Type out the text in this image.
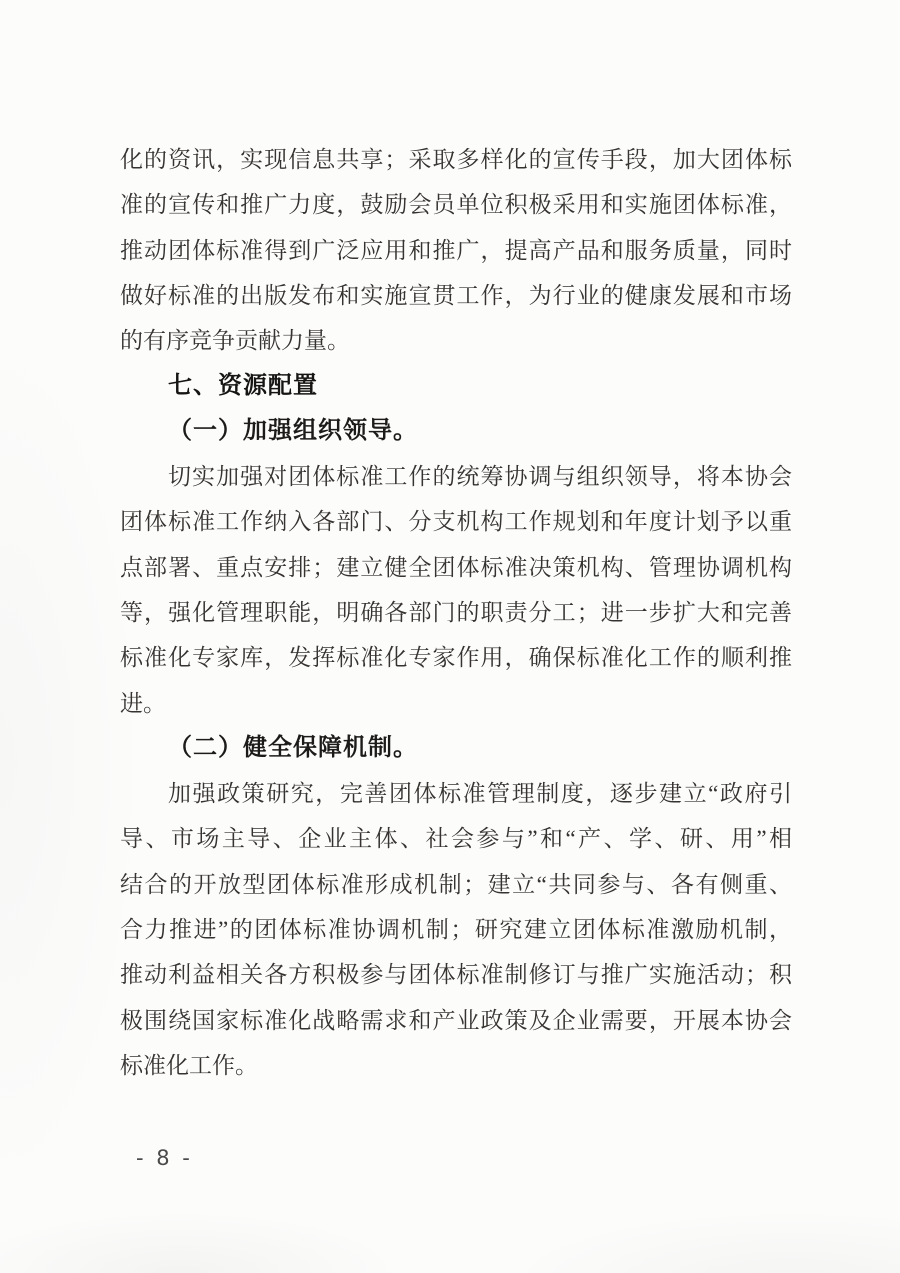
化的资讯，实现信息共享；采取多样化的宣传手段，加大团体标
准的宣传和推广力度，鼓励会员单位积极采用和实施团体标准，
推动团体标准得到广泛应用和推广，提高产品和服务质量，同时
做好标准的出版发布和实施宣贯工作，为行业的健康发展和市场
的有序竞争贡献力量。
七、资源配置
（一）加强组织领导。
切实加强对团体标准工作的统筹协调与组织领导，将本协会
团体标准工作纳入各部门、分支机构工作规划和年度计划予以重
点部署、重点安排；建立健全团体标准决策机构、管理协调机构
等，强化管理职能，明确各部门的职责分工；进一步扩大和完善
标准化专家库，发挥标准化专家作用，确保标准化工作的顺利推
进。
（二）健全保障机制。
加强政策研究，完善团体标准管理制度，逐步建立“政府引
导、市场主导、企业主体、社会参与”和“产、学、研、用”相
结合的开放型团体标准形成机制；建立“共同参与、各有侧重、
合力推进”的团体标准协调机制；研究建立团体标准激励机制，
推动利益相关各方积极参与团体标准制修订与推广实施活动；积
极围绕国家标准化战略需求和产业政策及企业需要，开展本协会
标准化工作。
- 8 -
